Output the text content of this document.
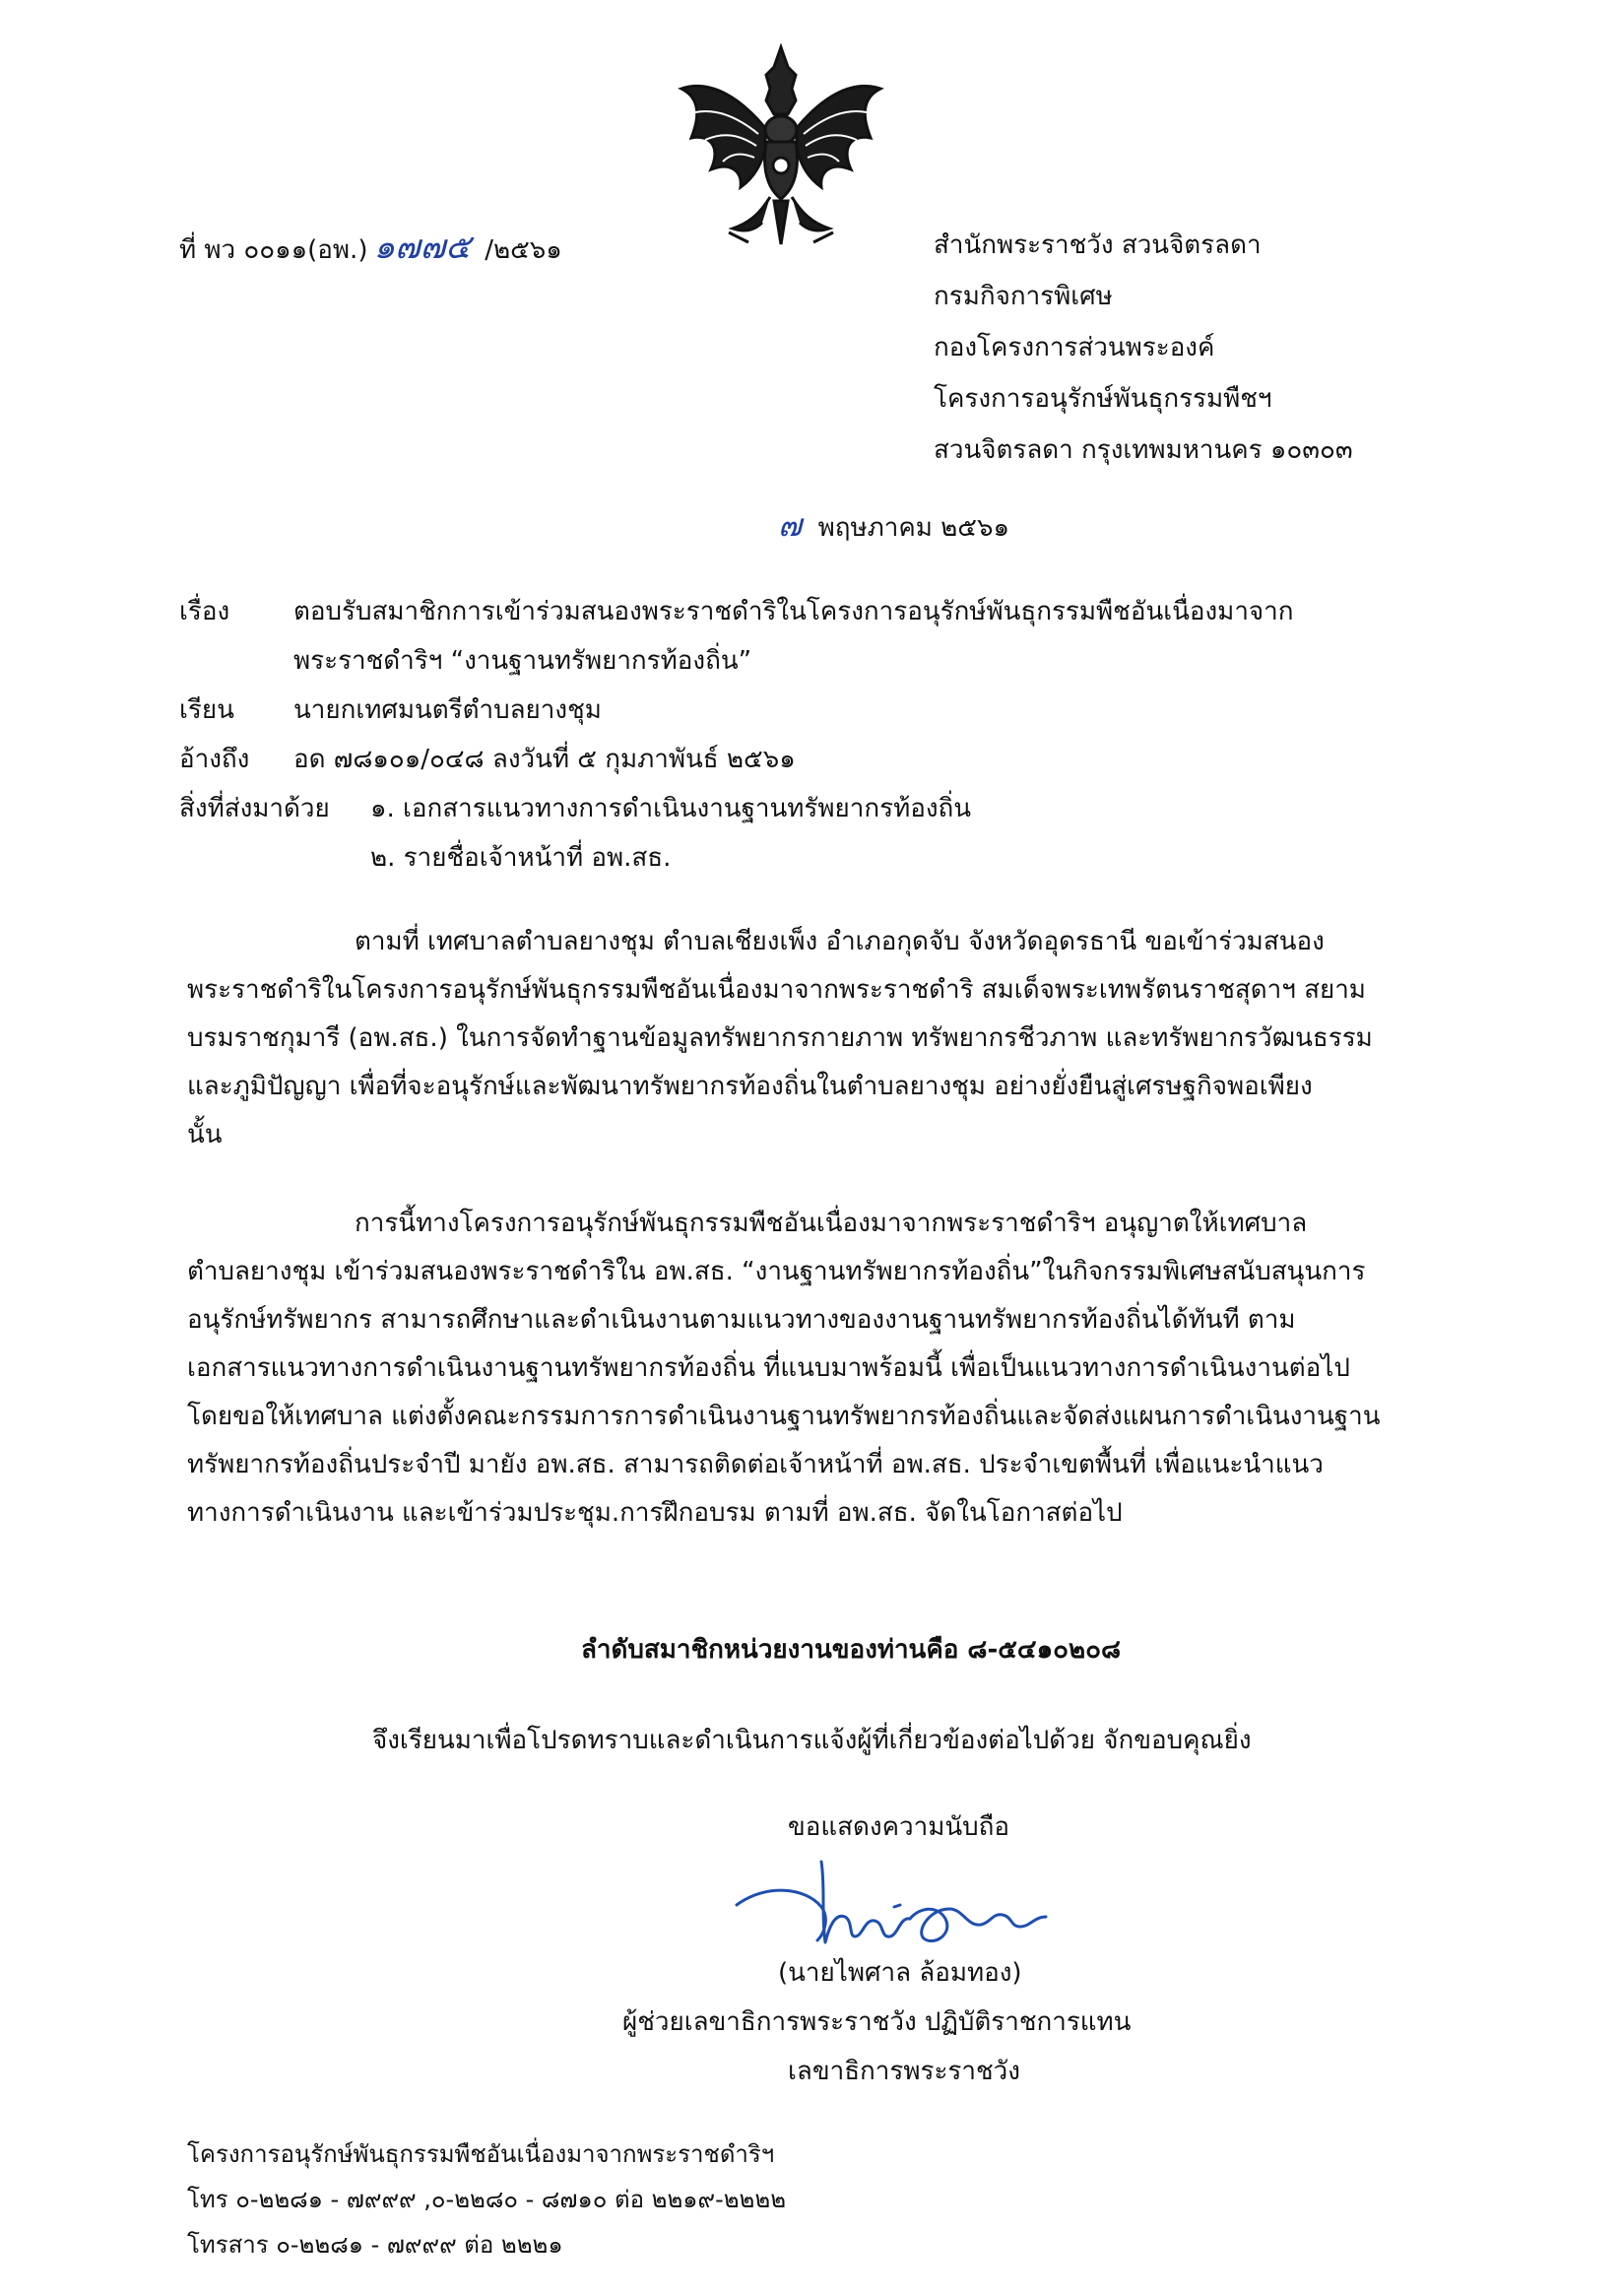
ที่ พว ๐๐๑๑(อพ.) ๑๗๗๕ /๒๕๖๑	สำนักพระราชวัง สวนจิตรลดา
กรมกิจการพิเศษ
กองโครงการส่วนพระองค์
โครงการอนุรักษ์พันธุกรรมพืชฯ
สวนจิตรลดา กรุงเทพมหานคร ๑๐๓๐๓
๗ พฤษภาคม ๒๕๖๑
เรื่อง ตอบรับสมาชิกการเข้าร่วมสนองพระราชดำริในโครงการอนุรักษ์พันธุกรรมพืชอันเนื่องมาจาก
พระราชดำริฯ “งานฐานทรัพยากรท้องถิ่น”
เรียน นายกเทศมนตรีตำบลยางชุม
อ้างถึง อด ๗๘๑๐๑/๐๔๘ ลงวันที่ ๕ กุมภาพันธ์ ๒๕๖๑
สิ่งที่ส่งมาด้วย ๑. เอกสารแนวทางการดำเนินงานฐานทรัพยากรท้องถิ่น
๒. รายชื่อเจ้าหน้าที่ อพ.สธ.
ตามที่ เทศบาลตำบลยางชุม ตำบลเชียงเพ็ง อำเภอกุดจับ จังหวัดอุดรธานี ขอเข้าร่วมสนอง
พระราชดำริในโครงการอนุรักษ์พันธุกรรมพืชอันเนื่องมาจากพระราชดำริ สมเด็จพระเทพรัตนราชสุดาฯ สยาม
บรมราชกุมารี (อพ.สธ.) ในการจัดทำฐานข้อมูลทรัพยากรกายภาพ ทรัพยากรชีวภาพ และทรัพยากรวัฒนธรรม
และภูมิปัญญา เพื่อที่จะอนุรักษ์และพัฒนาทรัพยากรท้องถิ่นในตำบลยางชุม อย่างยั่งยืนสู่เศรษฐกิจพอเพียง
นั้น
การนี้ทางโครงการอนุรักษ์พันธุกรรมพืชอันเนื่องมาจากพระราชดำริฯ อนุญาตให้เทศบาล
ตำบลยางชุม เข้าร่วมสนองพระราชดำริใน อพ.สธ. “งานฐานทรัพยากรท้องถิ่น”ในกิจกรรมพิเศษสนับสนุนการ
อนุรักษ์ทรัพยากร สามารถศึกษาและดำเนินงานตามแนวทางของงานฐานทรัพยากรท้องถิ่นได้ทันที ตาม
เอกสารแนวทางการดำเนินงานฐานทรัพยากรท้องถิ่น ที่แนบมาพร้อมนี้ เพื่อเป็นแนวทางการดำเนินงานต่อไป
โดยขอให้เทศบาล แต่งตั้งคณะกรรมการการดำเนินงานฐานทรัพยากรท้องถิ่นและจัดส่งแผนการดำเนินงานฐาน
ทรัพยากรท้องถิ่นประจำปี มายัง อพ.สธ. สามารถติดต่อเจ้าหน้าที่ อพ.สธ. ประจำเขตพื้นที่ เพื่อแนะนำแนว
ทางการดำเนินงาน และเข้าร่วมประชุม.การฝึกอบรม ตามที่ อพ.สธ. จัดในโอกาสต่อไป
ลำดับสมาชิกหน่วยงานของท่านคือ ๘-๕๔๑๐๒๐๘
จึงเรียนมาเพื่อโปรดทราบและดำเนินการแจ้งผู้ที่เกี่ยวข้องต่อไปด้วย จักขอบคุณยิ่ง
ขอแสดงความนับถือ
(นายไพศาล ล้อมทอง)
ผู้ช่วยเลขาธิการพระราชวัง ปฏิบัติราชการแทน
เลขาธิการพระราชวัง
โครงการอนุรักษ์พันธุกรรมพืชอันเนื่องมาจากพระราชดำริฯ
โทร ๐-๒๒๘๑ - ๗๙๙๙ ,๐-๒๒๘๐ - ๘๗๑๐ ต่อ ๒๒๑๙-๒๒๒๒
โทรสาร ๐-๒๒๘๑ - ๗๙๙๙ ต่อ ๒๒๒๑
